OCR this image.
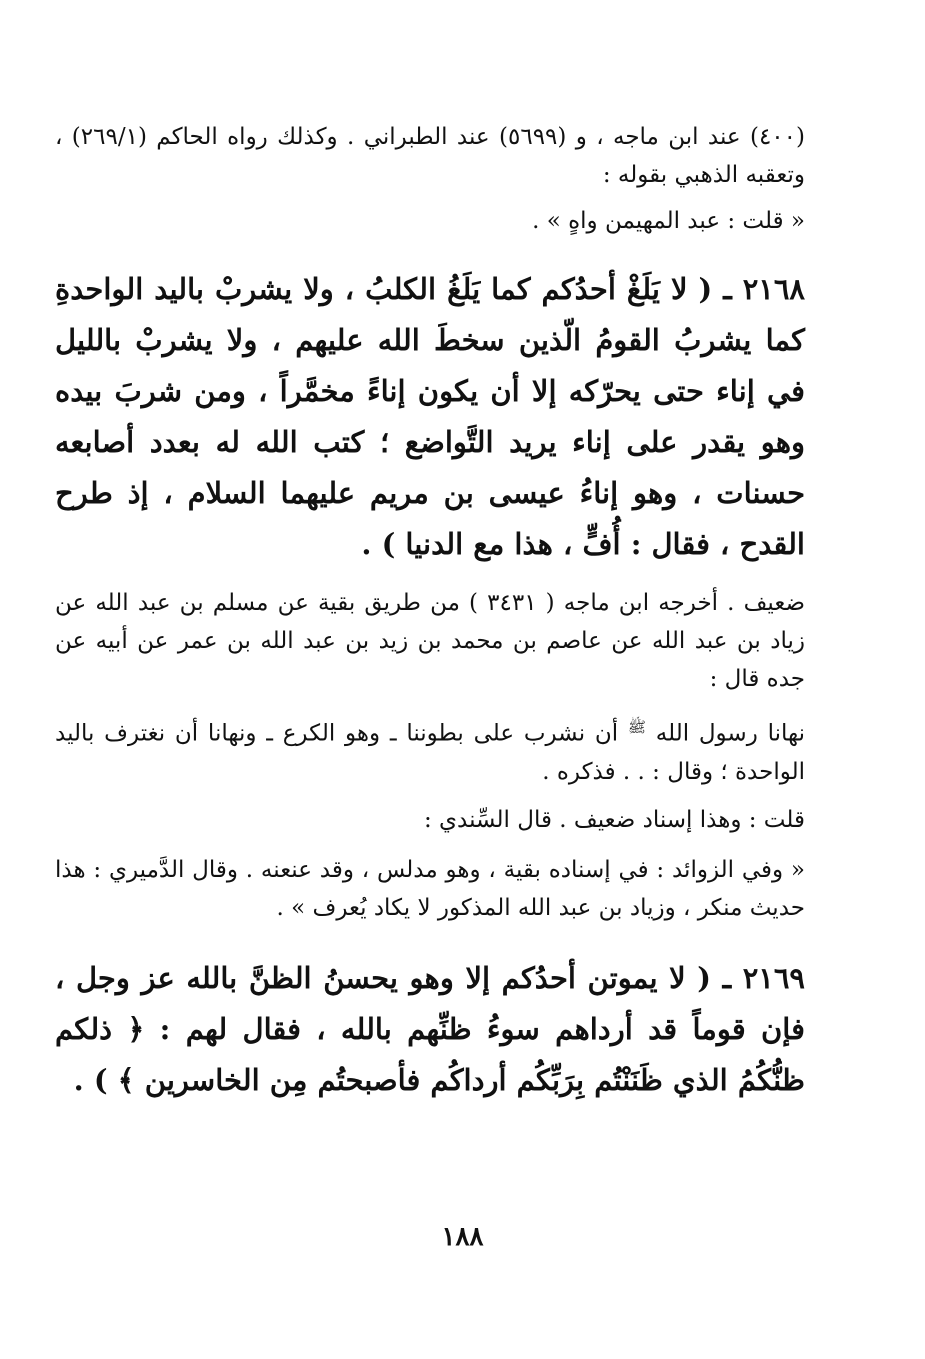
(٤٠٠) عند ابن ماجه ، و (٥٦٩٩) عند الطبراني . وكذلك رواه الحاكم (٢٦٩/١) ، وتعقبه الذهبي بقوله :

« قلت : عبد المهيمن واهٍ » .

٢١٦٨ ـ ( لا يَلَغْ أحدُكم كما يَلَغُ الكلبُ ، ولا يشربْ باليد الواحدةِ كما يشربُ القومُ الّذين سخطَ الله عليهم ، ولا يشربْ بالليل في إناء حتى يحرّكه إلا أن يكون إناءً مخمَّراً ، ومن شربَ بيده وهو يقدر على إناء يريد التَّواضع ؛ كتب الله له بعدد أصابعه حسنات ، وهو إناءُ عيسى بن مريم عليهما السلام ، إذ طرح القدح ، فقال : أُفٍّ ، هذا مع الدنيا ) .

ضعيف . أخرجه ابن ماجه ( ٣٤٣١ ) من طريق بقية عن مسلم بن عبد الله عن زياد بن عبد الله عن عاصم بن محمد بن زيد بن عبد الله بن عمر عن أبيه عن جده قال :

نهانا رسول الله ﷺ أن نشرب على بطوننا ـ وهو الكرع ـ ونهانا أن نغترف باليد الواحدة ؛ وقال : . . فذكره .

قلت : وهذا إسناد ضعيف . قال السِّندي :

« وفي الزوائد : في إسناده بقية ، وهو مدلس ، وقد عنعنه . وقال الدَّميري : هذا حديث منكر ، وزياد بن عبد الله المذكور لا يكاد يُعرف » .

٢١٦٩ ـ ( لا يموتن أحدُكم إلا وهو يحسنُ الظنَّ بالله عز وجل ، فإن قوماً قد أرداهم سوءُ ظنِّهم بالله ، فقال لهم : ﴿ ذلكم ظنُّكُمُ الذي ظَنَنْتُم بِرَبِّكُم أرداكُم فأصبحتُم مِن الخاسرين ﴾ ) .

١٨٨
